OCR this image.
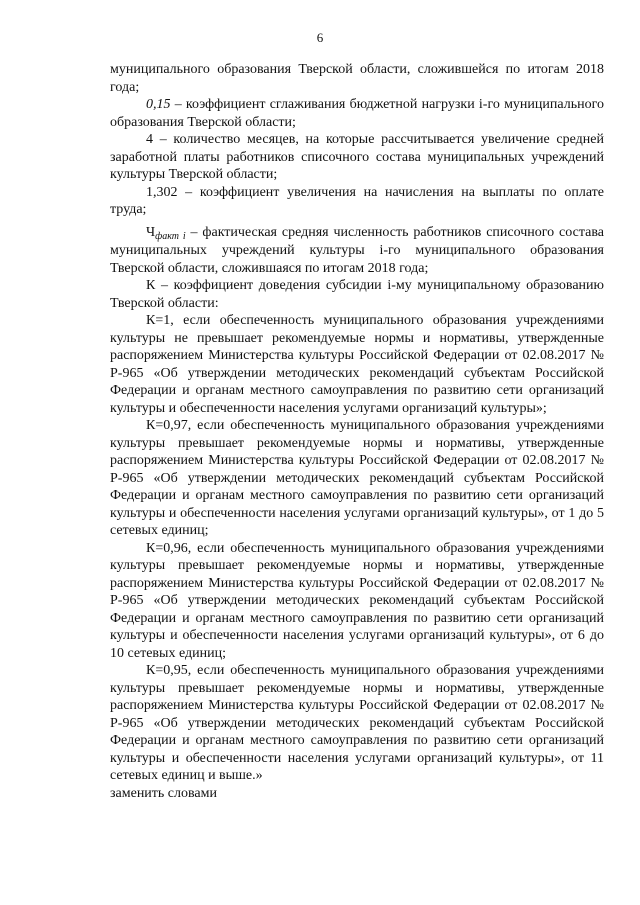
6

муниципального образования Тверской области, сложившейся по итогам 2018 года;

0,15 – коэффициент сглаживания бюджетной нагрузки i-го муниципального образования Тверской области;

4 – количество месяцев, на которые рассчитывается увеличение средней заработной платы работников списочного состава муниципальных учреждений культуры Тверской области;

1,302 – коэффициент увеличения на начисления на выплаты по оплате труда;

$Ч_{факт i}$ – фактическая средняя численность работников списочного состава муниципальных учреждений культуры i-го муниципального образования Тверской области, сложившаяся по итогам 2018 года;

К – коэффициент доведения субсидии i-му муниципальному образованию Тверской области:

К=1, если обеспеченность муниципального образования учреждениями культуры не превышает рекомендуемые нормы и нормативы, утвержденные распоряжением Министерства культуры Российской Федерации от 02.08.2017 № Р-965 «Об утверждении методических рекомендаций субъектам Российской Федерации и органам местного самоуправления по развитию сети организаций культуры и обеспеченности населения услугами организаций культуры»;

К=0,97, если обеспеченность муниципального образования учреждениями культуры превышает рекомендуемые нормы и нормативы, утвержденные распоряжением Министерства культуры Российской Федерации от 02.08.2017 № Р-965 «Об утверждении методических рекомендаций субъектам Российской Федерации и органам местного самоуправления по развитию сети организаций культуры и обеспеченности населения услугами организаций культуры», от 1 до 5 сетевых единиц;

К=0,96, если обеспеченность муниципального образования учреждениями культуры превышает рекомендуемые нормы и нормативы, утвержденные распоряжением Министерства культуры Российской Федерации от 02.08.2017 № Р-965 «Об утверждении методических рекомендаций субъектам Российской Федерации и органам местного самоуправления по развитию сети организаций культуры и обеспеченности населения услугами организаций культуры», от 6 до 10 сетевых единиц;

К=0,95, если обеспеченность муниципального образования учреждениями культуры превышает рекомендуемые нормы и нормативы, утвержденные распоряжением Министерства культуры Российской Федерации от 02.08.2017 № Р-965 «Об утверждении методических рекомендаций субъектам Российской Федерации и органам местного самоуправления по развитию сети организаций культуры и обеспеченности населения услугами организаций культуры», от 11 сетевых единиц и выше.»

заменить словами
